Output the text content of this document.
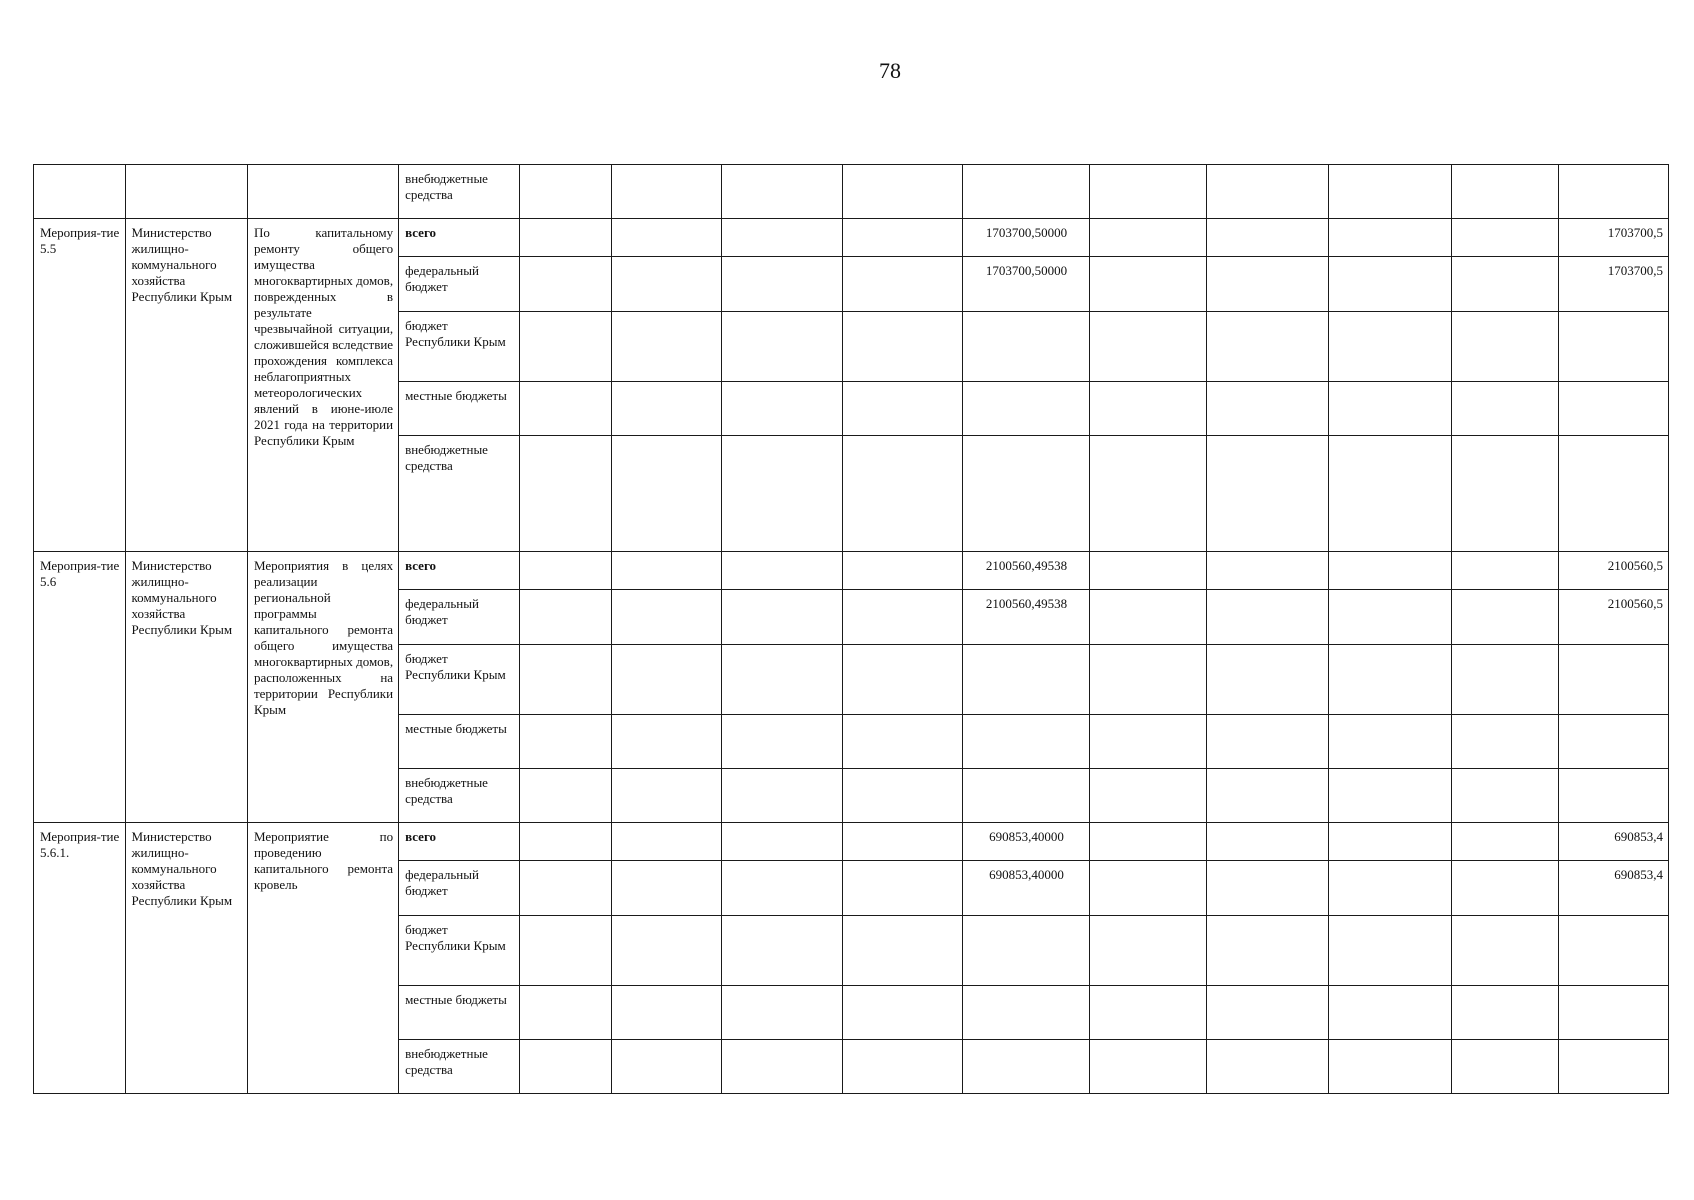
78
			внебюджетные средства										
Мероприя-тие 5.5	Министерство жилищно-коммунального хозяйства Республики Крым	По капитальному ремонту общего имущества многоквартирных домов, поврежденных в результате чрезвычайной ситуации, сложившейся вследствие прохождения комплекса неблагоприятных метеорологических явлений в июне-июле 2021 года на территории Республики Крым	всего					1703700,50000					1703700,5
			федеральный бюджет					1703700,50000					1703700,5
			бюджет Республики Крым										
			местные бюджеты										
			внебюджетные средства										
Мероприя-тие 5.6	Министерство жилищно-коммунального хозяйства Республики Крым	Мероприятия в целях реализации региональной программы капитального ремонта общего имущества многоквартирных домов, расположенных на территории Республики Крым	всего					2100560,49538					2100560,5
			федеральный бюджет					2100560,49538					2100560,5
			бюджет Республики Крым										
			местные бюджеты										
			внебюджетные средства										
Мероприя-тие 5.6.1.	Министерство жилищно-коммунального хозяйства Республики Крым	Мероприятие по проведению капитального ремонта кровель	всего					690853,40000					690853,4
			федеральный бюджет					690853,40000					690853,4
			бюджет Республики Крым										
			местные бюджеты										
			внебюджетные средства										
